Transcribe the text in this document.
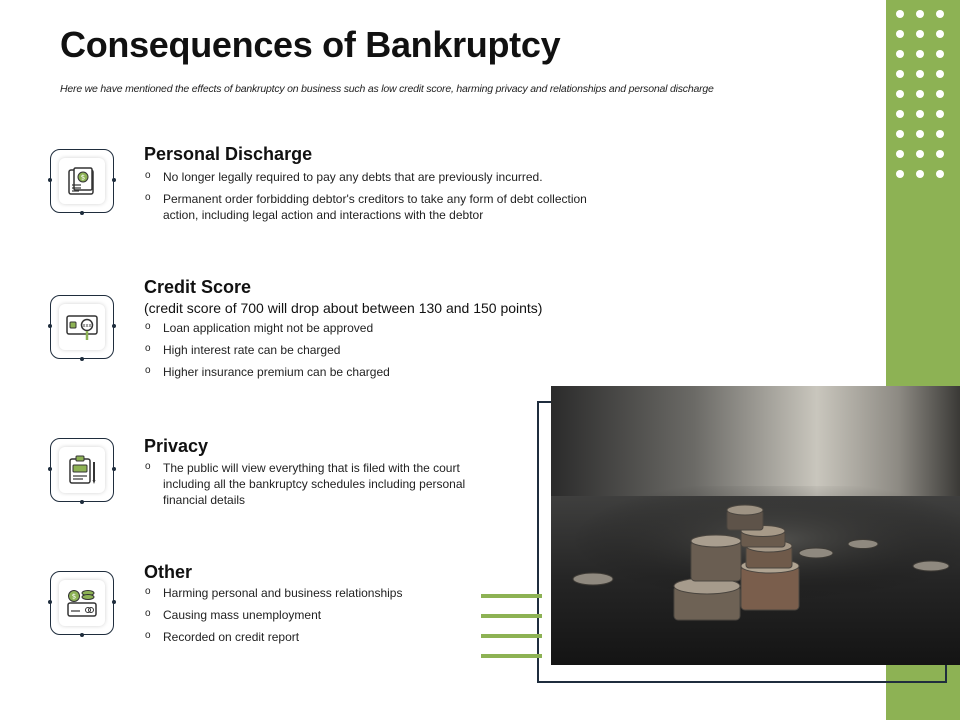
Consequences of Bankruptcy

Here we have mentioned the effects of bankruptcy on business such as low credit score, harming privacy and relationships and personal discharge

$
Personal Discharge
o No longer legally required to pay any debts that are previously incurred.
o Permanent order forbidding debtor's creditors to take any form of debt collection action, including legal action and interactions with the debtor
xxx
Credit Score
(credit score of 700 will drop about between 130 and 150 points)
o Loan application might not be approved
o High interest rate can be charged
o Higher insurance premium can be charged
Privacy
o The public will view everything that is filed with the court including all the bankruptcy schedules including personal financial details
$
Other
o Harming personal and business relationships
o Causing mass unemployment
o Recorded on credit report
